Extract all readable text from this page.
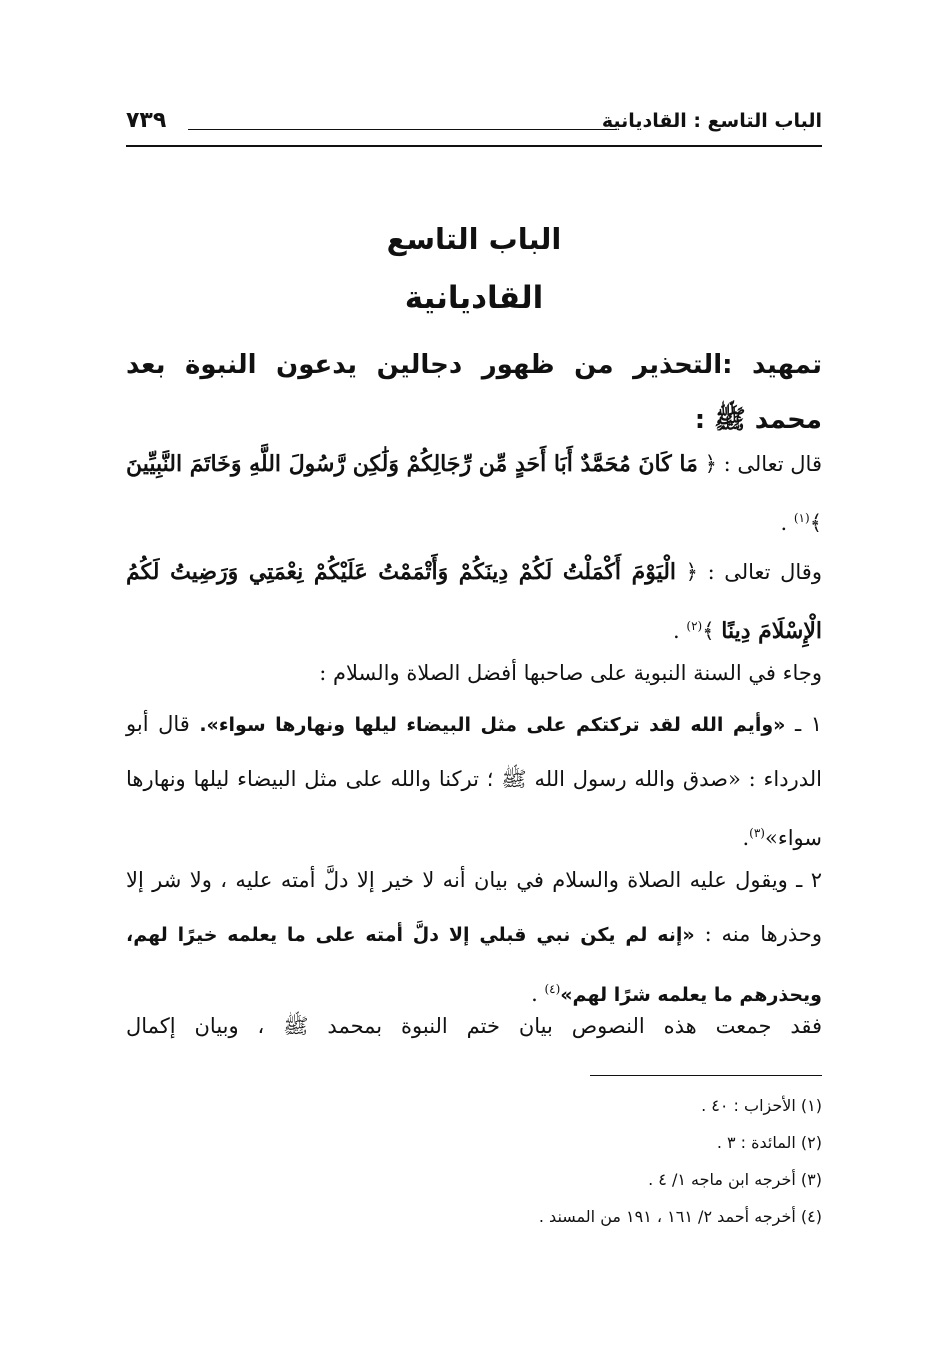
الباب التاسع : القاديانية
٧٣٩
الباب التاسع
القاديانية
تمهيد :التحذير من ظهور دجالين يدعون النبوة بعد محمد ﷺ :
قال تعالى : ﴿ مَا كَانَ مُحَمَّدٌ أَبَا أَحَدٍ مِّن رِّجَالِكُمْ وَلَٰكِن رَّسُولَ اللَّهِ وَخَاتَمَ النَّبِيِّينَ ﴾$^{(١)}$ .
وقال تعالى : ﴿ الْيَوْمَ أَكْمَلْتُ لَكُمْ دِينَكُمْ وَأَتْمَمْتُ عَلَيْكُمْ نِعْمَتِي وَرَضِيتُ لَكُمُ الْإِسْلَامَ دِينًا ﴾$^{(٢)}$ .
وجاء في السنة النبوية على صاحبها أفضل الصلاة والسلام :
١ ـ «وأيم الله لقد تركتكم على مثل البيضاء ليلها ونهارها سواء». قال أبو الدرداء : «صدق والله رسول الله ﷺ ؛ تركنا والله على مثل البيضاء ليلها ونهارها سواء»$^{(٣)}$.
٢ ـ ويقول عليه الصلاة والسلام في بيان أنه لا خير إلا دلَّ أمته عليه ، ولا شر إلا وحذرها منه : «إنه لم يكن نبي قبلي إلا دلَّ أمته على ما يعلمه خيرًا لهم، ويحذرهم ما يعلمه شرًا لهم»$^{(٤)}$ .
فقد جمعت هذه النصوص بيان ختم النبوة بمحمد ﷺ ، وبيان إكمال
(١) الأحزاب : ٤٠ .
(٢) المائدة : ٣ .
(٣) أخرجه ابن ماجه ١/ ٤ .
(٤) أخرجه أحمد ٢/ ١٦١ ، ١٩١ من المسند .
